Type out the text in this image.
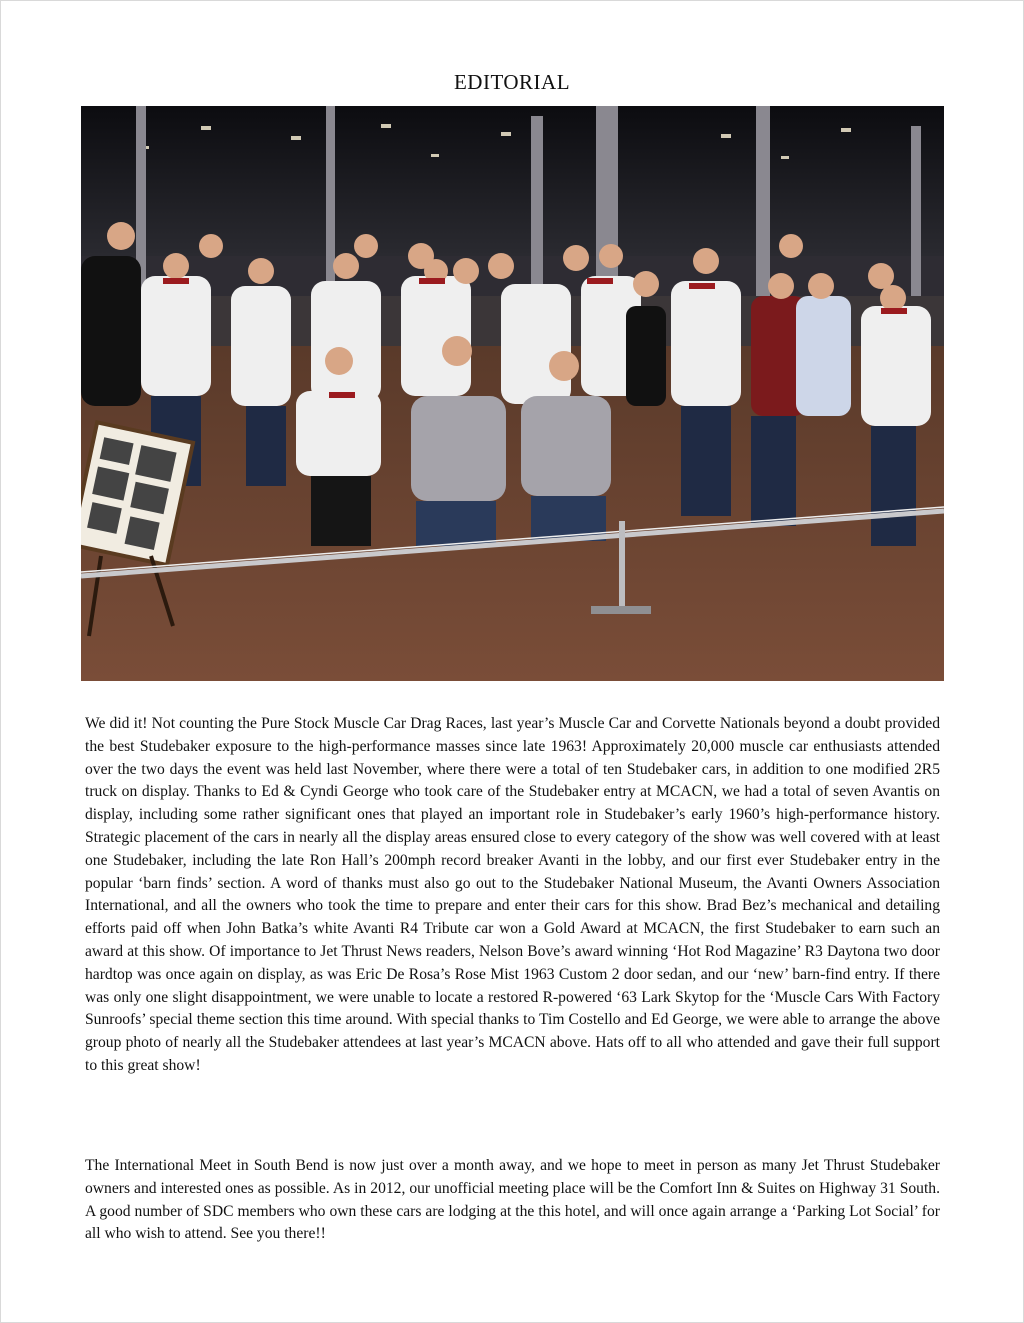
EDITORIAL
We did it! Not counting the Pure Stock Muscle Car Drag Races, last year’s Muscle Car and Corvette Nationals beyond a doubt provided the best Studebaker exposure to the high-performance masses since late 1963! Approximately 20,000 muscle car enthusiasts attended over the two days the event was held last November, where there were a total of ten Studebaker cars, in addition to one modified 2R5 truck on display. Thanks to Ed & Cyndi George who took care of the Studebaker entry at MCACN, we had a total of seven Avantis on display, including some rather significant ones that played an important role in Studebaker’s early 1960’s high-performance history. Strategic placement of the cars in nearly all the display areas ensured close to every category of the show was well covered with at least one Studebaker, including the late Ron Hall’s 200mph record breaker Avanti in the lobby, and our first ever Studebaker entry in the popular ‘barn finds’ section. A word of thanks must also go out to the Studebaker National Museum, the Avanti Owners Association International, and all the owners who took the time to prepare and enter their cars for this show. Brad Bez’s mechanical and detailing efforts paid off when John Batka’s white Avanti R4 Tribute car won a Gold Award at MCACN, the first Studebaker to earn such an award at this show. Of importance to Jet Thrust News readers, Nelson Bove’s award winning ‘Hot Rod Magazine’ R3 Daytona two door hardtop was once again on display, as was Eric De Rosa’s Rose Mist 1963 Custom 2 door sedan, and our ‘new’ barn-find entry. If there was only one slight disappointment, we were unable to locate a restored R-powered ‘63 Lark Skytop for the ‘Muscle Cars With Factory Sunroofs’ special theme section this time around. With special thanks to Tim Costello and Ed George, we were able to arrange the above group photo of nearly all the Studebaker attendees at last year’s MCACN above. Hats off to all who attended and gave their full support to this great show!
The International Meet in South Bend is now just over a month away, and we hope to meet in person as many Jet Thrust Studebaker owners and interested ones as possible. As in 2012, our unofficial meeting place will be the Comfort Inn & Suites on Highway 31 South. A good number of SDC members who own these cars are lodging at the this hotel, and will once again arrange a ‘Parking Lot Social’ for all who wish to attend. See you there!!
